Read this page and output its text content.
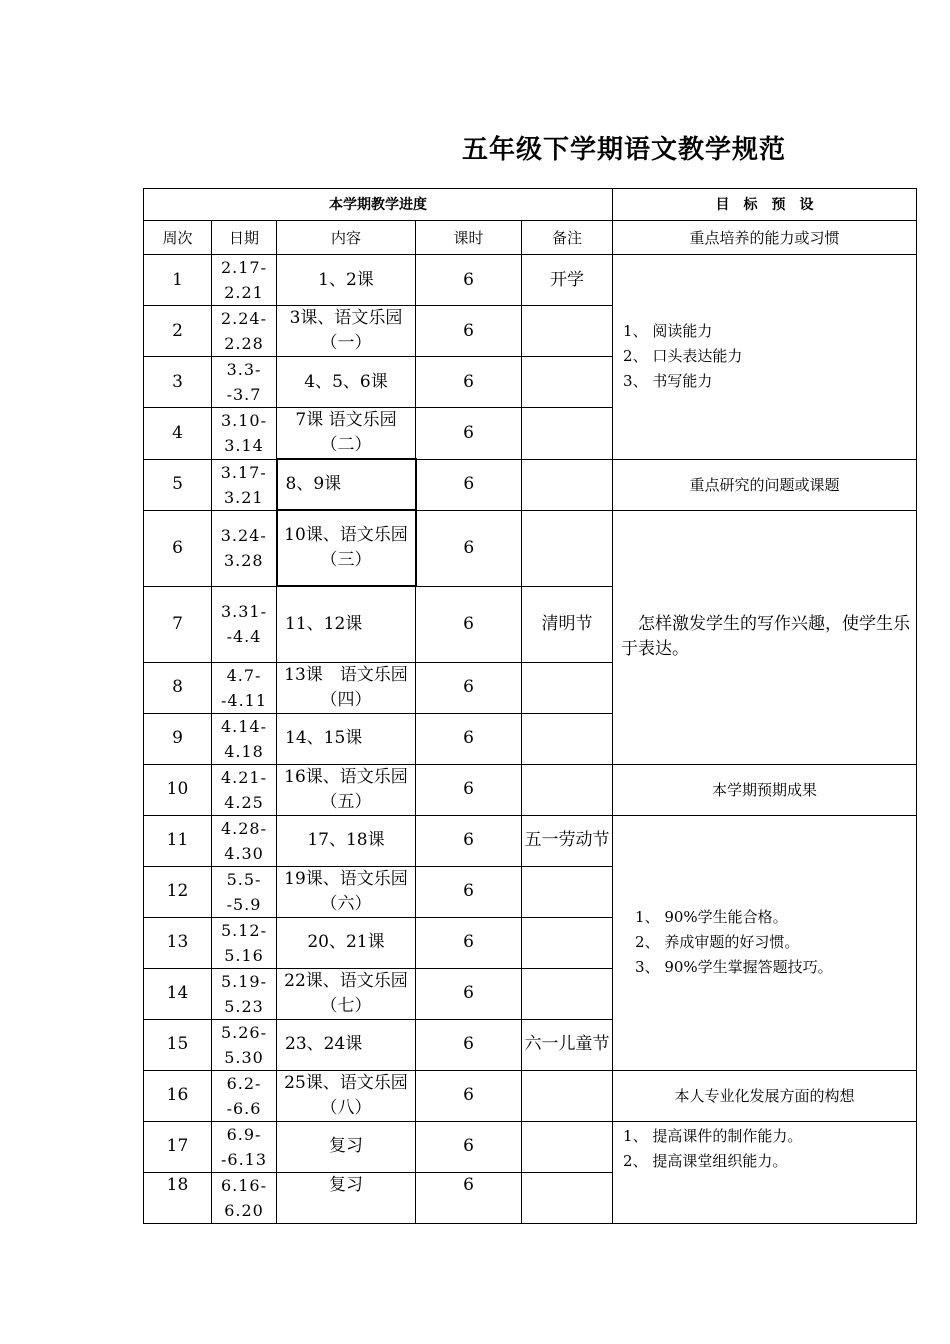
五年级下学期语文教学规范
本学期教学进度					目　标　预　设
周次	日期	内容	课时	备注	重点培养的能力或习惯
1	2.17-2.21	1、2课	6	开学	1、 阅读能力
2、 口头表达能力
3、 书写能力

2	2.24-2.28	3课、语文乐园（一）	6		
3	3.3--3.7	4、5、6课	6		
4	3.10-3.14	7课 语文乐园（二）	6		
5	3.17-3.21	8、9课	6		重点研究的问题或课题
6	3.24-3.28	10课、语文乐园（三）	6		　怎样激发学生的写作兴趣，使学生乐于表达。
7	3.31--4.4	11、12课	6	清明节	
8	4.7--4.11	13课　语文乐园（四）	6		
9	4.14-4.18	14、15课	6		
10	4.21-4.25	16课、语文乐园（五）	6		本学期预期成果
11	4.28-4.30	17、18课	6	五一劳动节	1、 90%学生能合格。
2、 养成审题的好习惯。
3、 90%学生掌握答题技巧。

12	5.5--5.9	19课、语文乐园（六）	6		
13	5.12-5.16	20、21课	6		
14	5.19-5.23	22课、语文乐园（七）	6		
15	5.26-5.30	23、24课	6	六一儿童节	
16	6.2--6.6	25课、语文乐园（八）	6		本人专业化发展方面的构想
17	6.9--6.13	复习	6		1、 提高课件的制作能力。
2、 提高课堂组织能力。

18	6.16-6.20	复习	6		
